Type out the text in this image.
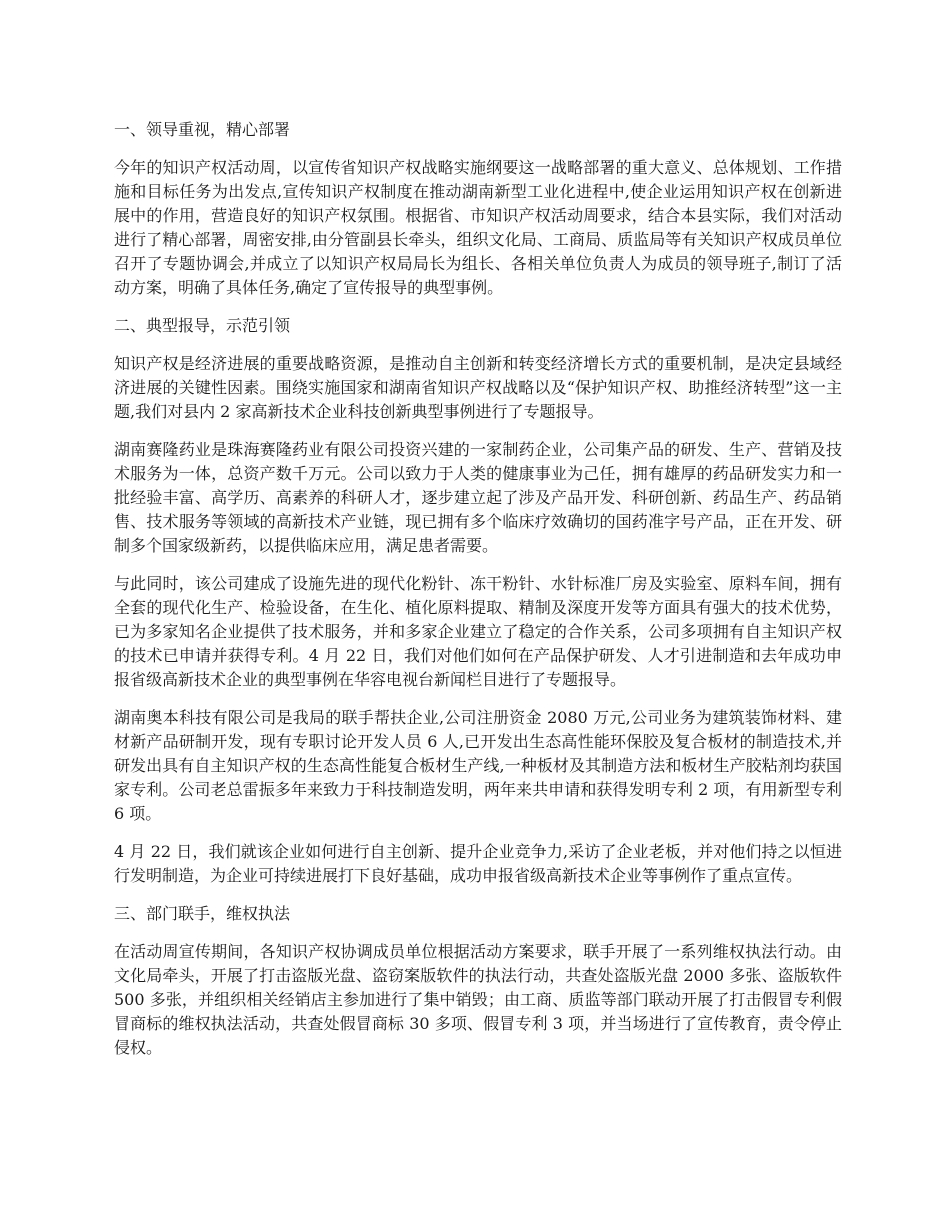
一、领导重视，精心部署

今年的知识产权活动周，以宣传省知识产权战略实施纲要这一战略部署的重大意义、总体规划、工作措施和目标任务为出发点,宣传知识产权制度在推动湖南新型工业化进程中,使企业运用知识产权在创新进展中的作用，营造良好的知识产权氛围。根据省、市知识产权活动周要求，结合本县实际，我们对活动进行了精心部署，周密安排,由分管副县长牵头，组织文化局、工商局、质监局等有关知识产权成员单位召开了专题协调会,并成立了以知识产权局局长为组长、各相关单位负责人为成员的领导班子,制订了活动方案，明确了具体任务,确定了宣传报导的典型事例。

二、典型报导，示范引领

知识产权是经济进展的重要战略资源，是推动自主创新和转变经济增长方式的重要机制，是决定县域经济进展的关键性因素。围绕实施国家和湖南省知识产权战略以及“保护知识产权、助推经济转型”这一主题,我们对县内 2 家高新技术企业科技创新典型事例进行了专题报导。

湖南赛隆药业是珠海赛隆药业有限公司投资兴建的一家制药企业，公司集产品的研发、生产、营销及技术服务为一体，总资产数千万元。公司以致力于人类的健康事业为己任，拥有雄厚的药品研发实力和一批经验丰富、高学历、高素养的科研人才，逐步建立起了涉及产品开发、科研创新、药品生产、药品销售、技术服务等领域的高新技术产业链，现已拥有多个临床疗效确切的国药准字号产品，正在开发、研制多个国家级新药，以提供临床应用，满足患者需要。

与此同时，该公司建成了设施先进的现代化粉针、冻干粉针、水针标准厂房及实验室、原料车间，拥有全套的现代化生产、检验设备，在生化、植化原料提取、精制及深度开发等方面具有强大的技术优势，已为多家知名企业提供了技术服务，并和多家企业建立了稳定的合作关系，公司多项拥有自主知识产权的技术已申请并获得专利。4 月 22 日，我们对他们如何在产品保护研发、人才引进制造和去年成功申报省级高新技术企业的典型事例在华容电视台新闻栏目进行了专题报导。

湖南奥本科技有限公司是我局的联手帮扶企业,公司注册资金 2080 万元,公司业务为建筑装饰材料、建材新产品研制开发，现有专职讨论开发人员 6 人,已开发出生态高性能环保胶及复合板材的制造技术,并研发出具有自主知识产权的生态高性能复合板材生产线,一种板材及其制造方法和板材生产胶粘剂均获国家专利。公司老总雷振多年来致力于科技制造发明，两年来共申请和获得发明专利 2 项，有用新型专利 6 项。

4 月 22 日，我们就该企业如何进行自主创新、提升企业竞争力,采访了企业老板，并对他们持之以恒进行发明制造，为企业可持续进展打下良好基础，成功申报省级高新技术企业等事例作了重点宣传。

三、部门联手，维权执法

在活动周宣传期间，各知识产权协调成员单位根据活动方案要求，联手开展了一系列维权执法行动。由文化局牵头，开展了打击盗版光盘、盗窃案版软件的执法行动，共查处盗版光盘 2000 多张、盗版软件 500 多张，并组织相关经销店主参加进行了集中销毁；由工商、质监等部门联动开展了打击假冒专利假冒商标的维权执法活动，共查处假冒商标 30 多项、假冒专利 3 项，并当场进行了宣传教育，责令停止侵权。
